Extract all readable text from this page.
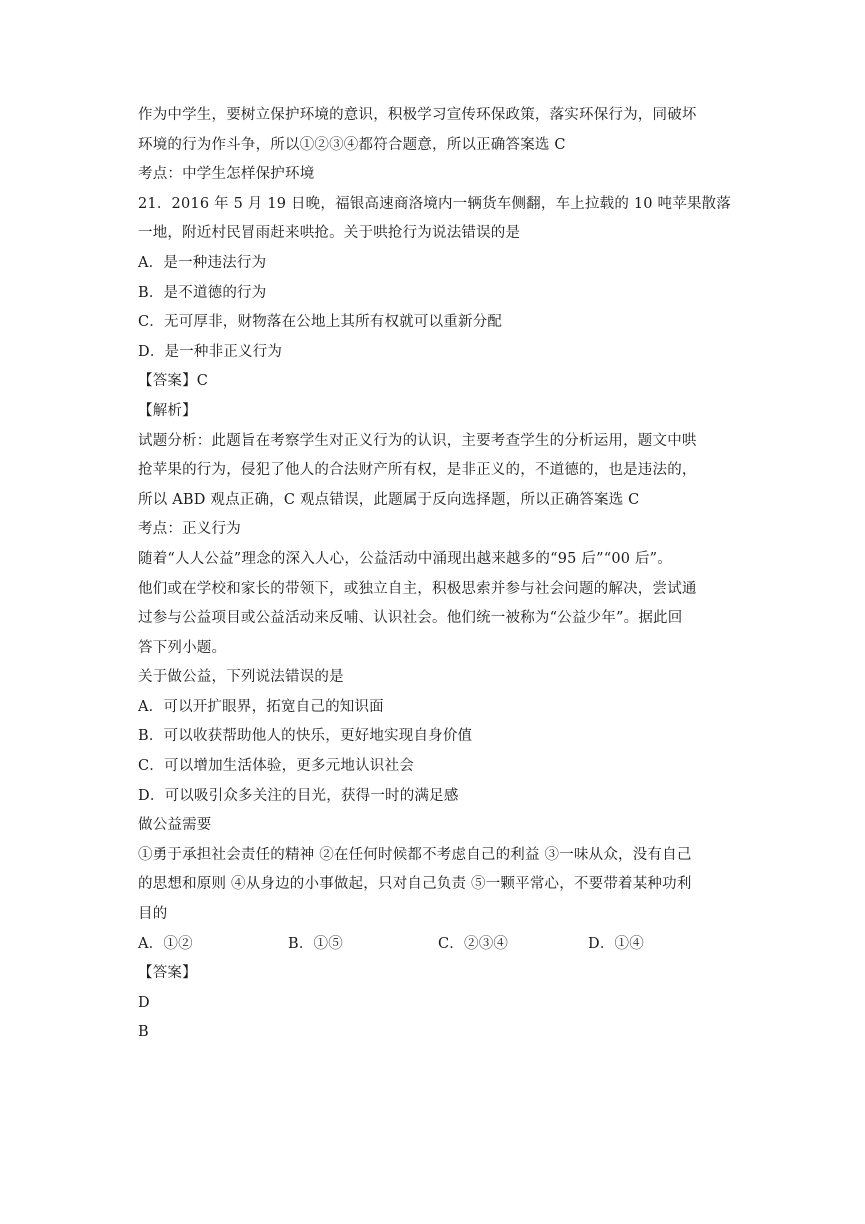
作为中学生，要树立保护环境的意识，积极学习宣传环保政策，落实环保行为，同破坏
环境的行为作斗争，所以①②③④都符合题意，所以正确答案选 C
考点：中学生怎样保护环境
21．2016 年 5 月 19 日晚，福银高速商洛境内一辆货车侧翻，车上拉载的 10 吨苹果散落
一地，附近村民冒雨赶来哄抢。关于哄抢行为说法错误的是
A．是一种违法行为
B．是不道德的行为
C．无可厚非，财物落在公地上其所有权就可以重新分配
D．是一种非正义行为
【答案】C
【解析】
试题分析：此题旨在考察学生对正义行为的认识，主要考查学生的分析运用，题文中哄
抢苹果的行为，侵犯了他人的合法财产所有权，是非正义的，不道德的，也是违法的，
所以 ABD 观点正确，C 观点错误，此题属于反向选择题，所以正确答案选 C
考点：正义行为
随着“人人公益”理念的深入人心，公益活动中涌现出越来越多的“95 后”“00 后”。
他们或在学校和家长的带领下，或独立自主，积极思索并参与社会问题的解决，尝试通
过参与公益项目或公益活动来反哺、认识社会。他们统一被称为“公益少年”。据此回
答下列小题。
关于做公益，下列说法错误的是
A．可以开扩眼界，拓宽自己的知识面
B．可以收获帮助他人的快乐，更好地实现自身价值
C．可以增加生活体验，更多元地认识社会
D．可以吸引众多关注的目光，获得一时的满足感
做公益需要
①勇于承担社会责任的精神 ②在任何时候都不考虑自己的利益 ③一味从众，没有自己
的思想和原则 ④从身边的小事做起，只对自己负责 ⑤一颗平常心，不要带着某种功利
目的
A．①②	B．①⑤	C．②③④	D．①④
【答案】
D
B
